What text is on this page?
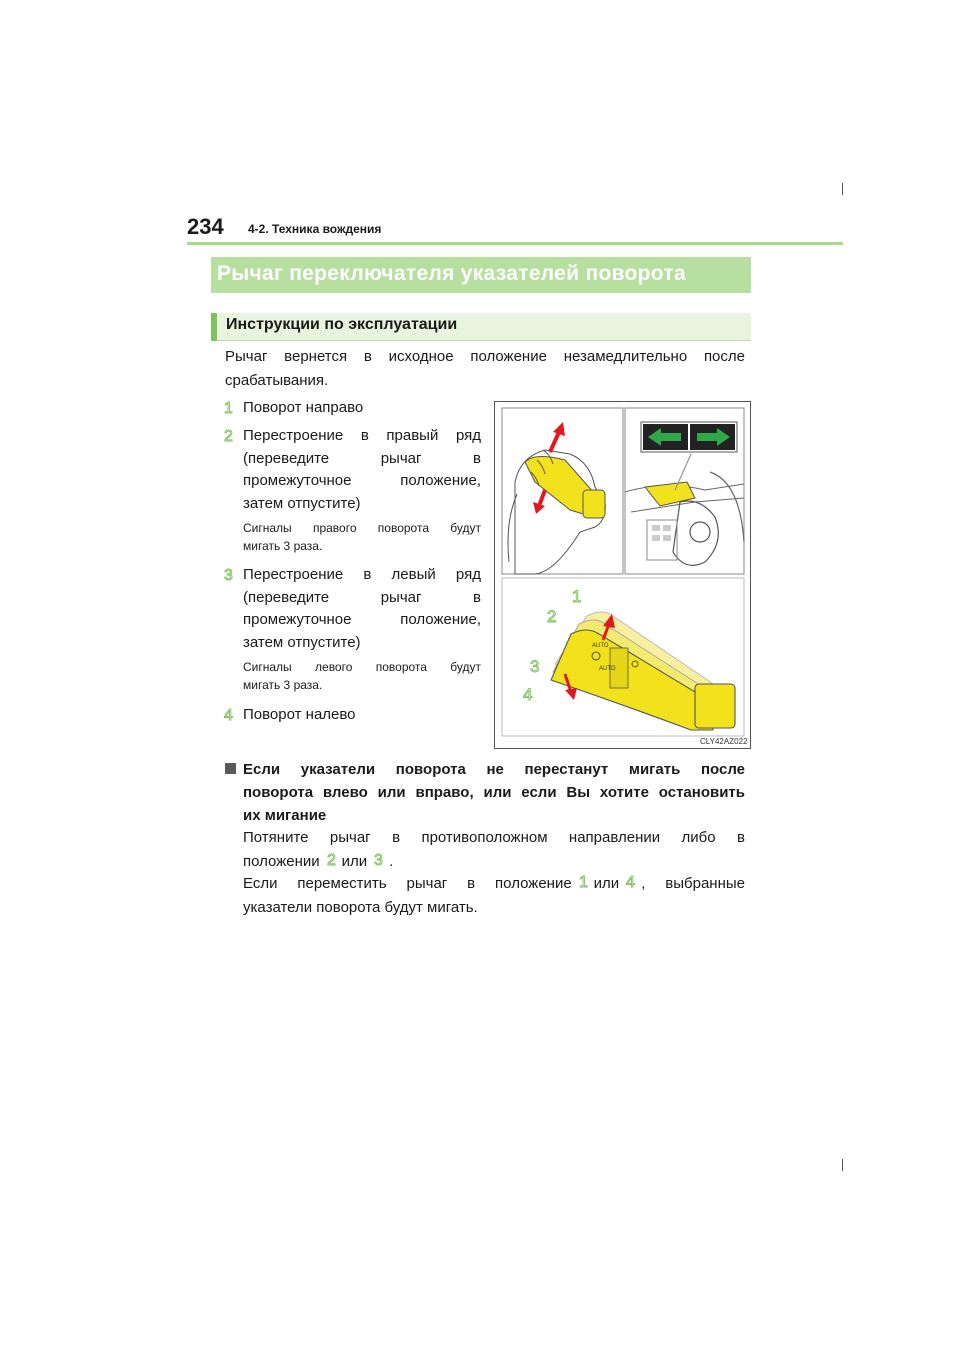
234 4-2. Техника вождения
Рычаг переключателя указателей поворота
Инструкции по эксплуатации
Рычаг вернется в исходное положение незамедлительно после срабатывания.
1 Поворот направо
2 Перестроение в правый ряд (переведите рычаг в промежуточное положение,
затем отпустите)
Сигналы правого поворота будут
мигать 3 раза.
3 Перестроение в левый ряд (переведите рычаг в промежуточное положение,
затем отпустите)
Сигналы левого поворота будут
мигать 3 раза.
4 Поворот налево
AUTO
AUTO
1
2
3
4
CLY42AZ022
Если указатели поворота не перестанут мигать после
поворота влево или вправо, или если Вы хотите остановить
их мигание
Потяните рычаг в противоположном направлении либо в
положении 2 или 3 .
Если переместить рычаг в положение 1 или 4 , выбранные
указатели поворота будут мигать.
